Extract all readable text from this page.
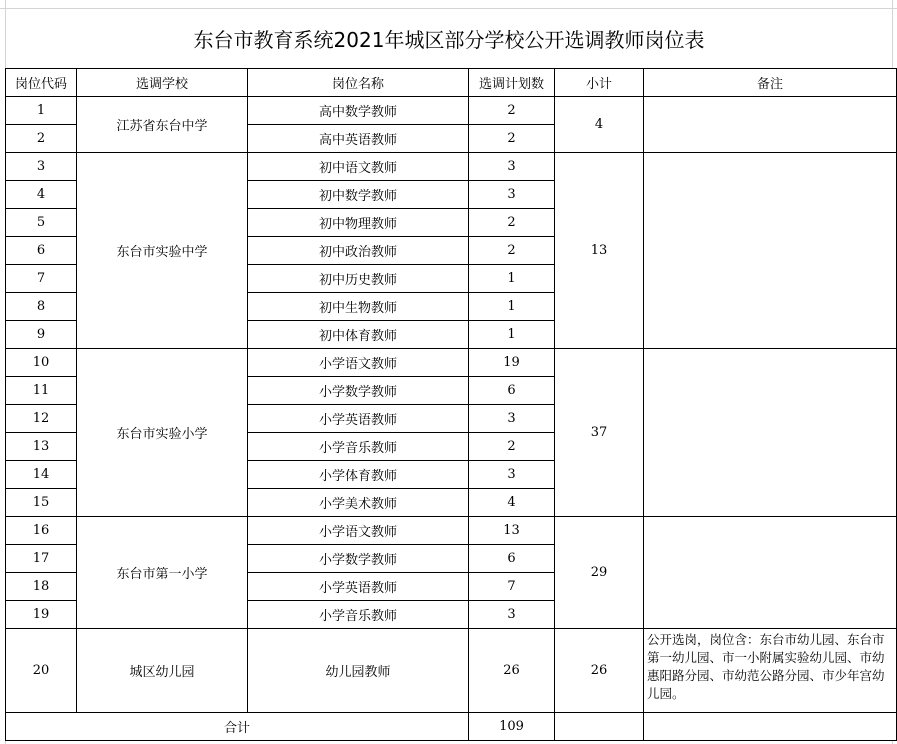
东台市教育系统2021年城区部分学校公开选调教师岗位表
岗位代码	选调学校	岗位名称	选调计划数	小计	备注
1	江苏省东台中学	高中数学教师	2	4	
2		高中英语教师	2		
3	东台市实验中学	初中语文教师	3	13	
4		初中数学教师	3		
5		初中物理教师	2		
6		初中政治教师	2		
7		初中历史教师	1		
8		初中生物教师	1		
9		初中体育教师	1		
10	东台市实验小学	小学语文教师	19	37	
11		小学数学教师	6		
12		小学英语教师	3		
13		小学音乐教师	2		
14		小学体育教师	3		
15		小学美术教师	4		
16	东台市第一小学	小学语文教师	13	29	
17		小学数学教师	6		
18		小学英语教师	7		
19		小学音乐教师	3		
20	城区幼儿园	幼儿园教师	26	26	公开选岗，岗位含：东台市幼儿园、东台市第一幼儿园、市一小附属实验幼儿园、市幼惠阳路分园、市幼范公路分园、市少年宫幼儿园。
合计			109		
